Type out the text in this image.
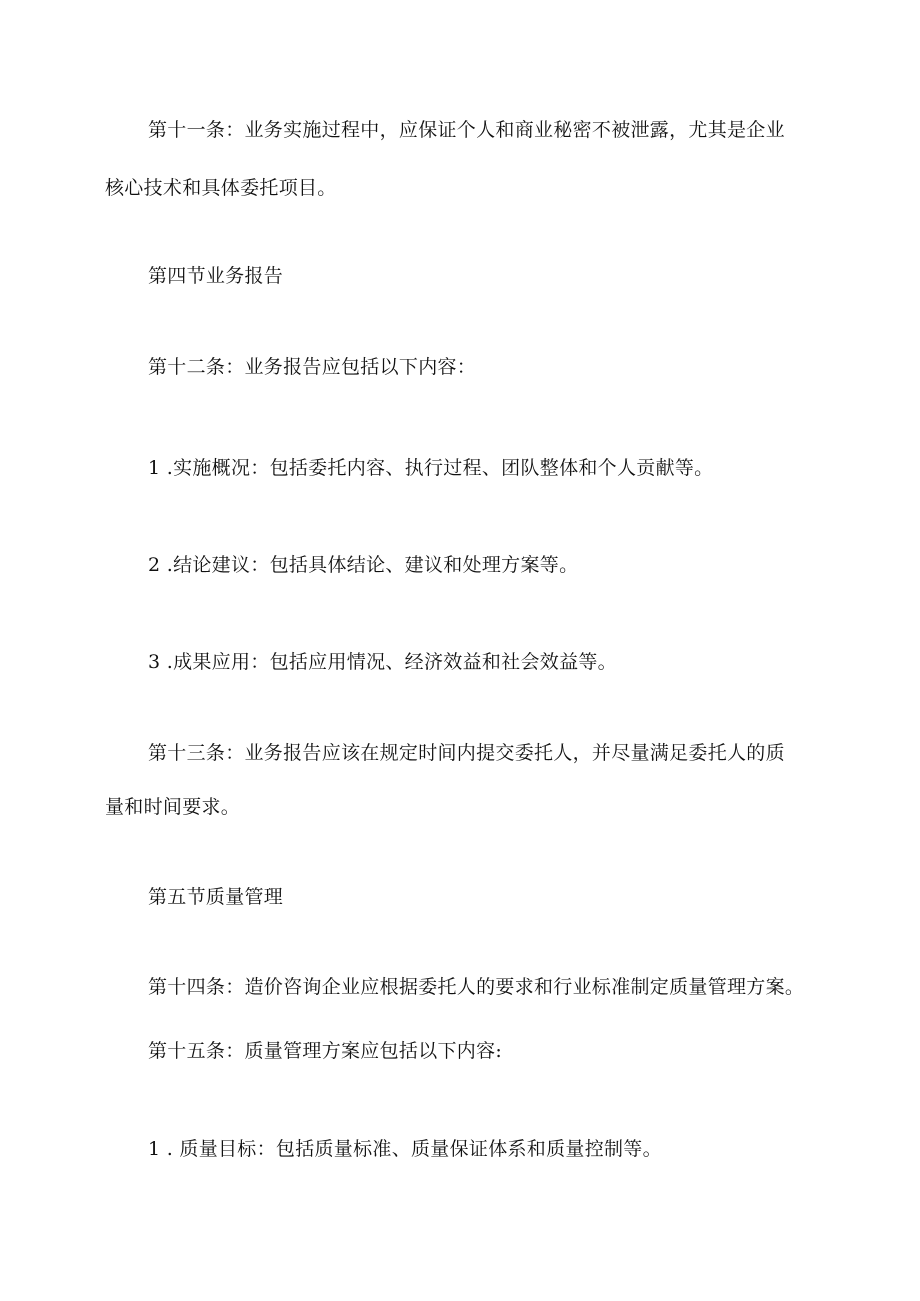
第十一条：业务实施过程中，应保证个人和商业秘密不被泄露，尤其是企业

核心技术和具体委托项目。

第四节业务报告

第十二条：业务报告应包括以下内容：

1 .实施概况：包括委托内容、执行过程、团队整体和个人贡献等。

2 .结论建议：包括具体结论、建议和处理方案等。

3 .成果应用：包括应用情况、经济效益和社会效益等。

第十三条：业务报告应该在规定时间内提交委托人，并尽量满足委托人的质

量和时间要求。

第五节质量管理

第十四条：造价咨询企业应根据委托人的要求和行业标准制定质量管理方案。

第十五条：质量管理方案应包括以下内容:

1 . 质量目标：包括质量标准、质量保证体系和质量控制等。
